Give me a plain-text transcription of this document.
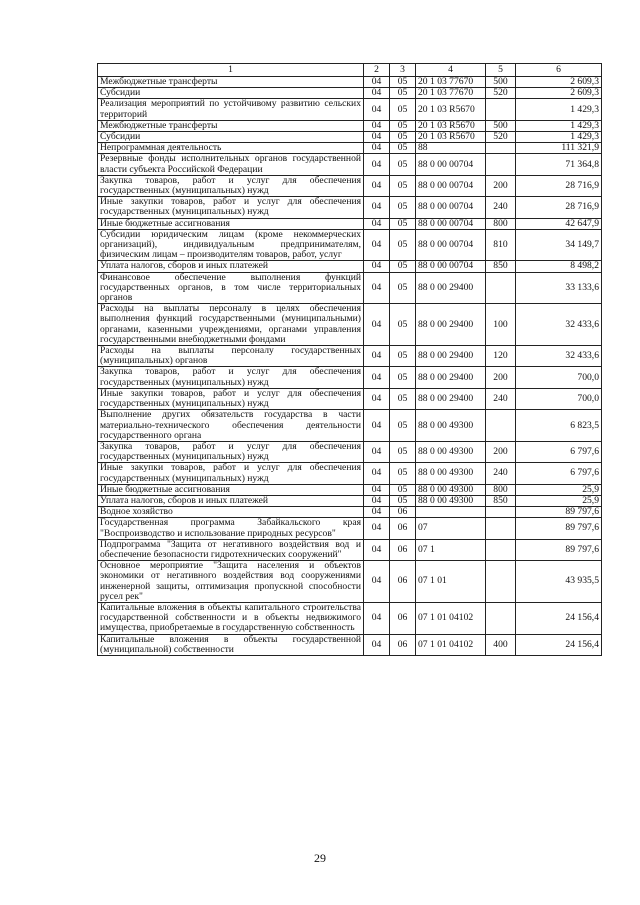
1	2	3	4	5	6
Межбюджетные трансферты	04	05	20 1 03 77670	500	2 609,3
Субсидии	04	05	20 1 03 77670	520	2 609,3
Реализация мероприятий по устойчивому развитию сельских территорий	04	05	20 1 03 R5670		1 429,3
Межбюджетные трансферты	04	05	20 1 03 R5670	500	1 429,3
Субсидии	04	05	20 1 03 R5670	520	1 429,3
Непрограммная деятельность	04	05	88		111 321,9
Резервные фонды исполнительных органов государственной власти субъекта Российской Федерации	04	05	88 0 00 00704		71 364,8
Закупка товаров, работ и услуг для обеспечения государственных (муниципальных) нужд	04	05	88 0 00 00704	200	28 716,9
Иные закупки товаров, работ и услуг для обеспечения государственных (муниципальных) нужд	04	05	88 0 00 00704	240	28 716,9
Иные бюджетные ассигнования	04	05	88 0 00 00704	800	42 647,9
Субсидии юридическим лицам (кроме некоммерческих организаций), индивидуальным предпринимателям, физическим лицам – производителям товаров, работ, услуг	04	05	88 0 00 00704	810	34 149,7
Уплата налогов, сборов и иных платежей	04	05	88 0 00 00704	850	8 498,2
Финансовое обеспечение выполнения функций государственных органов, в том числе территориальных органов	04	05	88 0 00 29400		33 133,6
Расходы на выплаты персоналу в целях обеспечения выполнения функций государственными (муниципальными) органами, казенными учреждениями, органами управления государственными внебюджетными фондами	04	05	88 0 00 29400	100	32 433,6
Расходы на выплаты персоналу государственных (муниципальных) органов	04	05	88 0 00 29400	120	32 433,6
Закупка товаров, работ и услуг для обеспечения государственных (муниципальных) нужд	04	05	88 0 00 29400	200	700,0
Иные закупки товаров, работ и услуг для обеспечения государственных (муниципальных) нужд	04	05	88 0 00 29400	240	700,0
Выполнение других обязательств государства в части материально-технического обеспечения деятельности государственного органа	04	05	88 0 00 49300		6 823,5
Закупка товаров, работ и услуг для обеспечения государственных (муниципальных) нужд	04	05	88 0 00 49300	200	6 797,6
Иные закупки товаров, работ и услуг для обеспечения государственных (муниципальных) нужд	04	05	88 0 00 49300	240	6 797,6
Иные бюджетные ассигнования	04	05	88 0 00 49300	800	25,9
Уплата налогов, сборов и иных платежей	04	05	88 0 00 49300	850	25,9
Водное хозяйство	04	06			89 797,6
Государственная программа Забайкальского края "Воспроизводство и использование природных ресурсов"	04	06	07		89 797,6
Подпрограмма "Защита от негативного воздействия вод и обеспечение безопасности гидротехнических сооружений"	04	06	07 1		89 797,6
Основное мероприятие "Защита населения и объектов экономики от негативного воздействия вод сооружениями инженерной защиты, оптимизация пропускной способности русел рек"	04	06	07 1 01		43 935,5
Капитальные вложения в объекты капитального строительства государственной собственности и в объекты недвижимого имущества, приобретаемые в государственную собственность	04	06	07 1 01 04102		24 156,4
Капитальные вложения в объекты государственной (муниципальной) собственности	04	06	07 1 01 04102	400	24 156,4
29
